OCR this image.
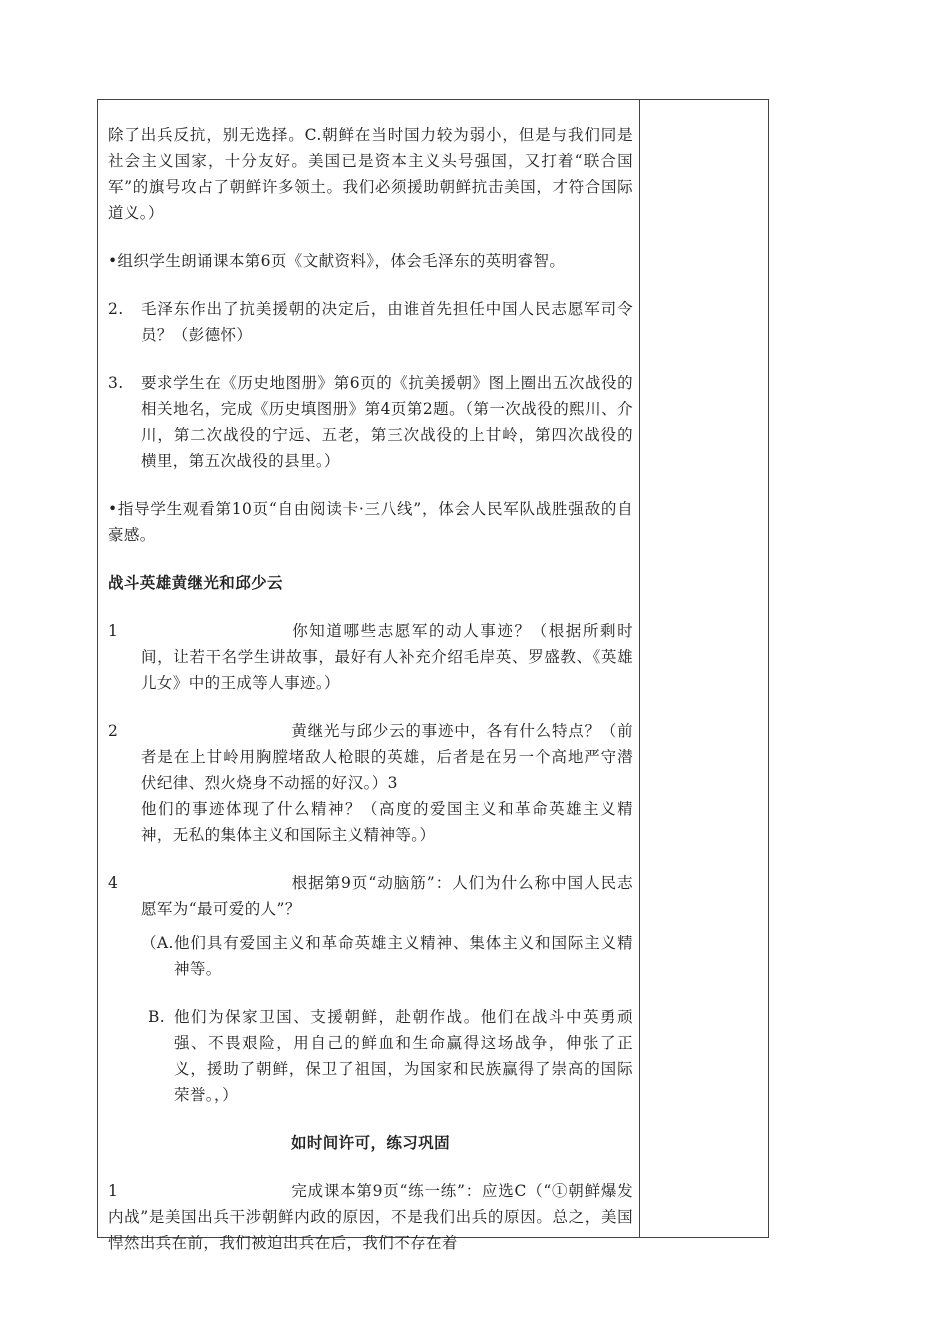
除了出兵反抗，别无选择。C.朝鲜在当时国力较为弱小，但是与我们同是社会主义国家，十分友好。美国已是资本主义头号强国，又打着“联合国军”的旗号攻占了朝鲜许多领土。我们必须援助朝鲜抗击美国，才符合国际道义。）

•组织学生朗诵课本第6页《文献资料》，体会毛泽东的英明睿智。

2. 毛泽东作出了抗美援朝的决定后，由谁首先担任中国人民志愿军司令员？（彭德怀）
3. 要求学生在《历史地图册》第6页的《抗美援朝》图上圈出五次战役的相关地名，完成《历史填图册》第4页第2题。（第一次战役的熙川、介川，第二次战役的宁远、五老，第三次战役的上甘岭，第四次战役的横里，第五次战役的县里。）

•指导学生观看第10页“自由阅读卡·三八线”，体会人民军队战胜强敌的自豪感。

战斗英雄黄继光和邱少云

1	你知道哪些志愿军的动人事迹？（根据所剩时间，让若干名学生讲故事，最好有人补充介绍毛岸英、罗盛教、《英雄儿女》中的王成等人事迹。）
2	黄继光与邱少云的事迹中，各有什么特点？（前者是在上甘岭用胸膛堵敌人枪眼的英雄，后者是在另一个高地严守潜伏纪律、烈火烧身不动摇的好汉。）3
他们的事迹体现了什么精神？（高度的爱国主义和革命英雄主义精神，无私的集体主义和国际主义精神等。）
4	根据第9页“动脑筋”：人们为什么称中国人民志愿军为“最可爱的人”？
（A. 他们具有爱国主义和革命英雄主义精神、集体主义和国际主义精神等。
B. 他们为保家卫国、支援朝鲜，赴朝作战。他们在战斗中英勇顽强、不畏艰险，用自己的鲜血和生命赢得这场战争，伸张了正义，援助了朝鲜，保卫了祖国，为国家和民族赢得了崇高的国际荣誉。，）

如时间许可，练习巩固

1	完成课本第9页“练一练”：应选C（“①朝鲜爆发内战”是美国出兵干涉朝鲜内政的原因，不是我们出兵的原因。总之，美国悍然出兵在前，我们被迫出兵在后，我们不存在着
